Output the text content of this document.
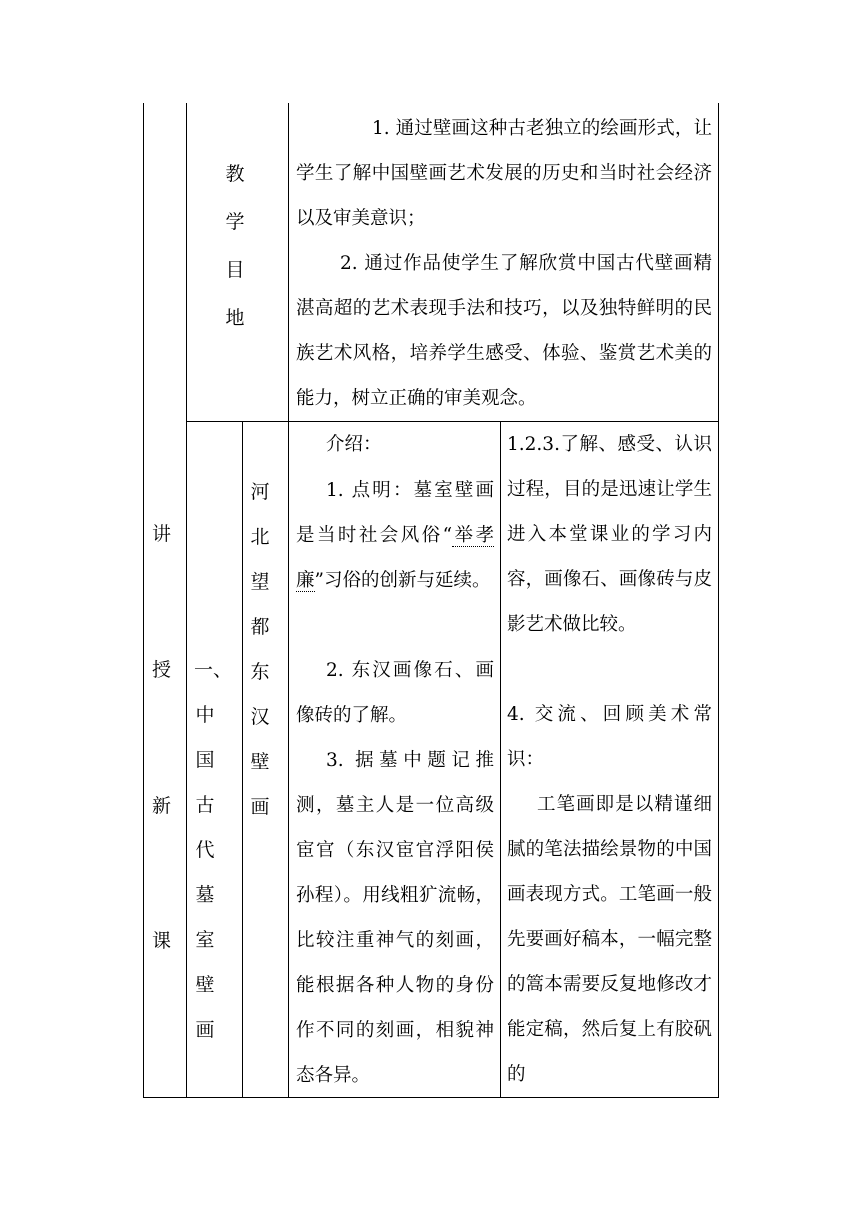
教
学
目
地

1. 通过壁画这种古老独立的绘画形式，让学生了解中国壁画艺术发展的历史和当时社会经济以及审美意识；

2. 通过作品使学生了解欣赏中国古代壁画精湛高超的艺术表现手法和技巧，以及独特鲜明的民族艺术风格，培养学生感受、体验、鉴赏艺术美的能力，树立正确的审美观念。

讲
授
新
课
一、
中
国
古
代
墓
室
壁
画
河
北
望
都
东
汉
壁
画

介绍：

1. 点明：墓室壁画是当时社会风俗“举孝廉”习俗的创新与延续。

2. 东汉画像石、画像砖的了解。

3. 据墓中题记推测，墓主人是一位高级宦官（东汉宦官浮阳侯孙程）。用线粗犷流畅，比较注重神气的刻画，能根据各种人物的身份作不同的刻画，相貌神态各异。

1.2.3.了解、感受、认识过程，目的是迅速让学生进入本堂课业的学习内容，画像石、画像砖与皮影艺术做比较。

4. 交流、回顾美术常识：

工笔画即是以精谨细腻的笔法描绘景物的中国画表现方式。工笔画一般先要画好稿本，一幅完整的篙本需要反复地修改才能定稿，然后复上有胶矾的
